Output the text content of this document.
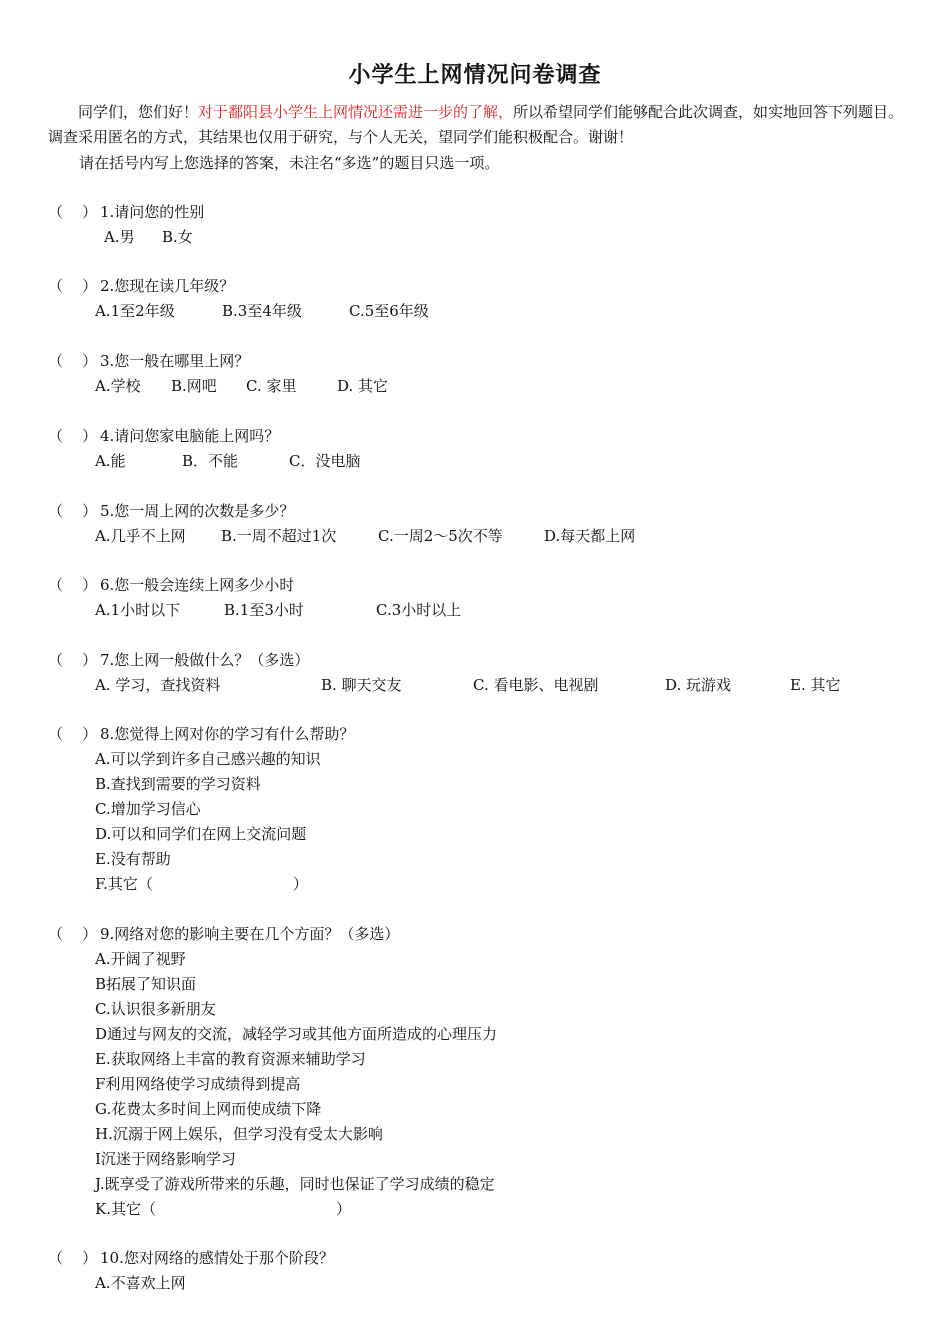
小学生上网情况问卷调查
同学们，您们好！对于鄱阳县小学生上网情况还需进一步的了解，所以希望同学们能够配合此次调查，如实地回答下列题目。调查采用匿名的方式，其结果也仅用于研究，与个人无关，望同学们能积极配合。谢谢！
请在括号内写上您选择的答案，未注名“多选”的题目只选一项。
（ ） 1.请问您的性别
A.男 B.女
（ ） 2.您现在读几年级？
A.1至2年级	B.3至4年级	C.5至6年级
（ ） 3.您一般在哪里上网？
A.学校 B.网吧 C. 家里	D. 其它
（ ） 4.请问您家电脑能上网吗？
A.能	B．不能	C．没电脑
（ ） 5.您一周上网的次数是多少？
A.几乎不上网 B.一周不超过1次	C.一周2～5次不等	D.每天都上网
（ ） 6.您一般会连续上网多少小时
A.1小时以下	B.1至3小时	C.3小时以上
（ ） 7.您上网一般做什么？（多选）
A. 学习，查找资料	B. 聊天交友	C. 看电影、电视剧	D. 玩游戏	E. 其它
（ ） 8.您觉得上网对你的学习有什么帮助？
A.可以学到许多自己感兴趣的知识
B.查找到需要的学习资料
C.增加学习信心
D.可以和同学们在网上交流问题
E.没有帮助
F.其它（	）
（ ） 9.网络对您的影响主要在几个方面？（多选）
A.开阔了视野
B拓展了知识面
C.认识很多新朋友
D通过与网友的交流，减轻学习或其他方面所造成的心理压力
E.获取网络上丰富的教育资源来辅助学习
F利用网络使学习成绩得到提高
G.花费太多时间上网而使成绩下降
H.沉溺于网上娱乐，但学习没有受太大影响
I沉迷于网络影响学习
J.既享受了游戏所带来的乐趣，同时也保证了学习成绩的稳定
K.其它（	）
（ ） 10.您对网络的感情处于那个阶段？
A.不喜欢上网
